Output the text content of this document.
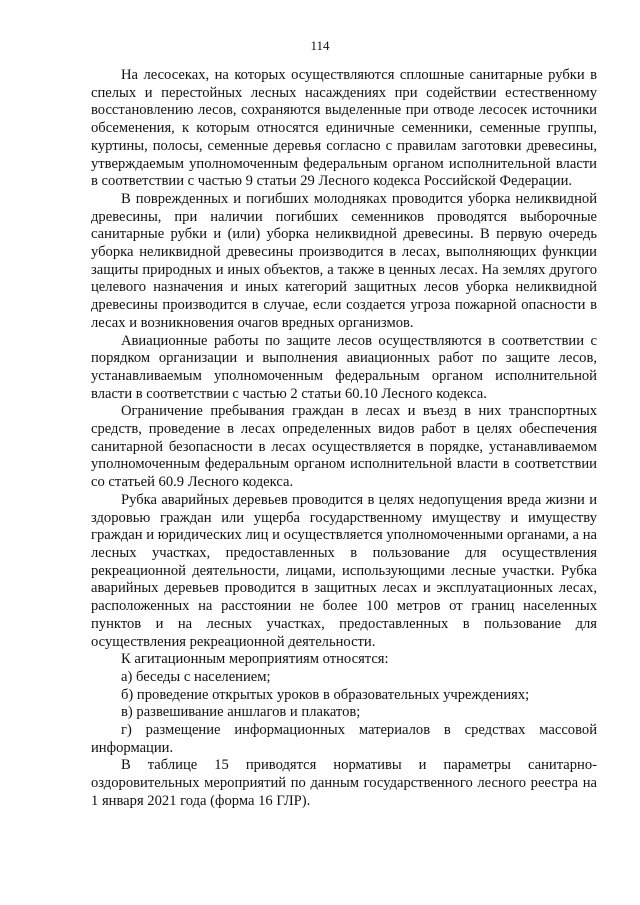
114

На лесосеках, на которых осуществляются сплошные санитарные рубки в спелых и перестойных лесных насаждениях при содействии естественному восстановлению лесов, сохраняются выделенные при отводе лесосек источники обсеменения, к которым относятся единичные семенники, семенные группы, куртины, полосы, семенные деревья согласно с правилам заготовки древесины, утверждаемым уполномоченным федеральным органом исполнительной власти в соответствии с частью 9 статьи 29 Лесного кодекса Российской Федерации.

В поврежденных и погибших молодняках проводится уборка неликвидной древесины, при наличии погибших семенников проводятся выборочные санитарные рубки и (или) уборка неликвидной древесины. В первую очередь уборка неликвидной древесины производится в лесах, выполняющих функции защиты природных и иных объектов, а также в ценных лесах. На землях другого целевого назначения и иных категорий защитных лесов уборка неликвидной древесины производится в случае, если создается угроза пожарной опасности в лесах и возникновения очагов вредных организмов.

Авиационные работы по защите лесов осуществляются в соответствии с порядком организации и выполнения авиационных работ по защите лесов, устанавливаемым уполномоченным федеральным органом исполнительной власти в соответствии с частью 2 статьи 60.10 Лесного кодекса.

Ограничение пребывания граждан в лесах и въезд в них транспортных средств, проведение в лесах определенных видов работ в целях обеспечения санитарной безопасности в лесах осуществляется в порядке, устанавливаемом уполномоченным федеральным органом исполнительной власти в соответствии со статьей 60.9 Лесного кодекса.

Рубка аварийных деревьев проводится в целях недопущения вреда жизни и здоровью граждан или ущерба государственному имуществу и имуществу граждан и юридических лиц и осуществляется уполномоченными органами, а на лесных участках, предоставленных в пользование для осуществления рекреационной деятельности, лицами, использующими лесные участки. Рубка аварийных деревьев проводится в защитных лесах и эксплуатационных лесах, расположенных на расстоянии не более 100 метров от границ населенных пунктов и на лесных участках, предоставленных в пользование для осуществления рекреационной деятельности.

К агитационным мероприятиям относятся:

а) беседы с населением;

б) проведение открытых уроков в образовательных учреждениях;

в) развешивание аншлагов и плакатов;

г) размещение информационных материалов в средствах массовой информации.

В таблице 15 приводятся нормативы и параметры санитарно-оздоровительных мероприятий по данным государственного лесного реестра на 1 января 2021 года (форма 16 ГЛР).
